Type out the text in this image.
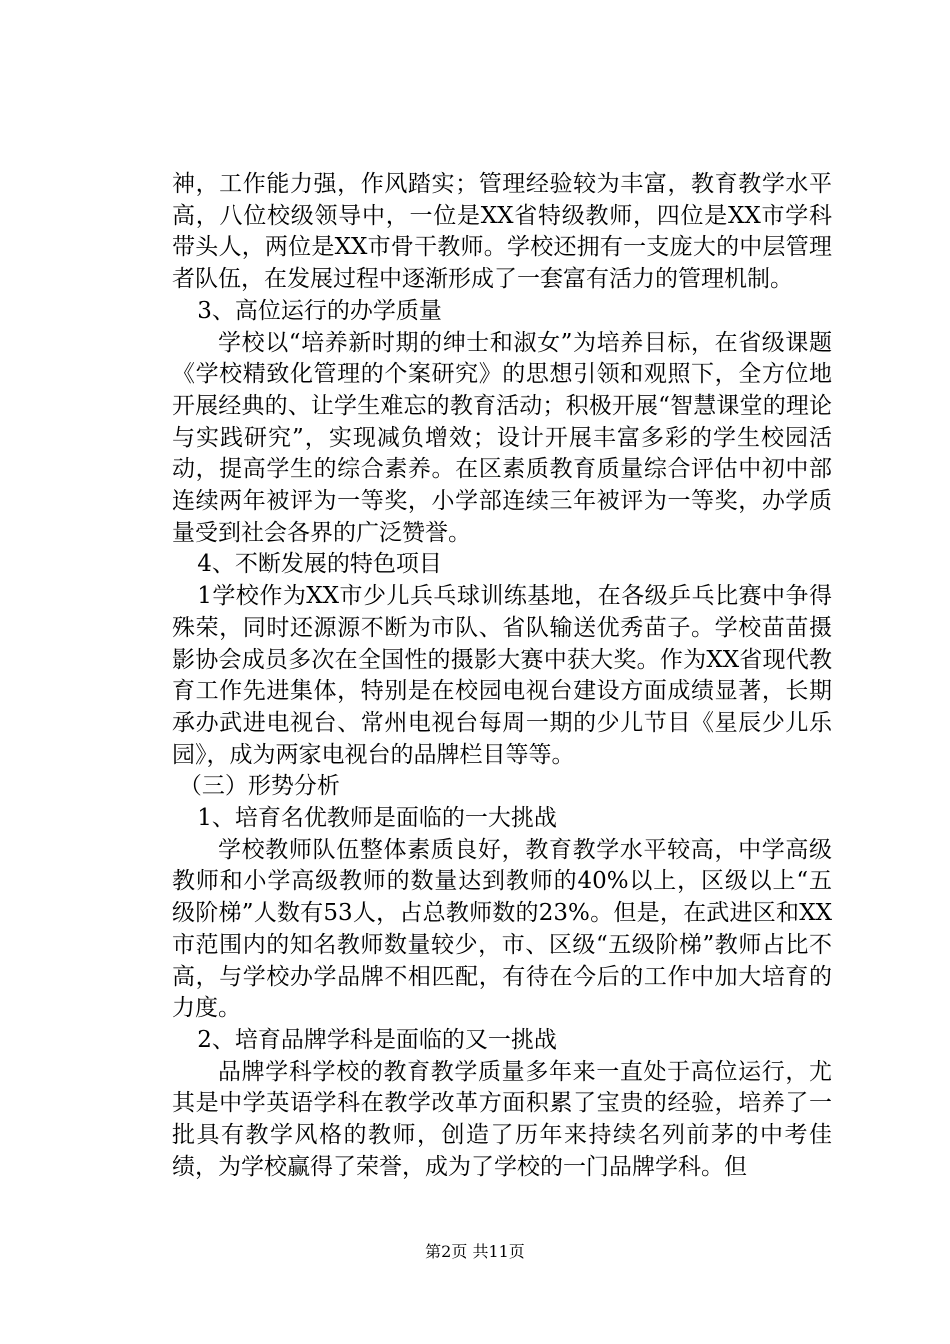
神，工作能力强，作风踏实；管理经验较为丰富，教育教学水平高，八位校级领导中，一位是XX省特级教师，四位是XX市学科带头人，两位是XX市骨干教师。学校还拥有一支庞大的中层管理者队伍，在发展过程中逐渐形成了一套富有活力的管理机制。

3、高位运行的办学质量

学校以“培养新时期的绅士和淑女”为培养目标，在省级课题《学校精致化管理的个案研究》的思想引领和观照下，全方位地开展经典的、让学生难忘的教育活动；积极开展“智慧课堂的理论与实践研究”，实现减负增效；设计开展丰富多彩的学生校园活动，提高学生的综合素养。在区素质教育质量综合评估中初中部连续两年被评为一等奖，小学部连续三年被评为一等奖，办学质量受到社会各界的广泛赞誉。

4、不断发展的特色项目

1学校作为XX市少儿兵乓球训练基地，在各级乒乓比赛中争得殊荣，同时还源源不断为市队、省队输送优秀苗子。学校苗苗摄影协会成员多次在全国性的摄影大赛中获大奖。作为XX省现代教育工作先进集体，特别是在校园电视台建设方面成绩显著，长期承办武进电视台、常州电视台每周一期的少儿节目《星辰少儿乐园》，成为两家电视台的品牌栏目等等。

（三）形势分析

1、培育名优教师是面临的一大挑战

学校教师队伍整体素质良好，教育教学水平较高，中学高级教师和小学高级教师的数量达到教师的40%以上，区级以上“五级阶梯”人数有53人，占总教师数的23%。但是，在武进区和XX市范围内的知名教师数量较少，市、区级“五级阶梯”教师占比不高，与学校办学品牌不相匹配，有待在今后的工作中加大培育的力度。

2、培育品牌学科是面临的又一挑战

品牌学科学校的教育教学质量多年来一直处于高位运行，尤其是中学英语学科在教学改革方面积累了宝贵的经验，培养了一批具有教学风格的教师，创造了历年来持续名列前茅的中考佳绩，为学校赢得了荣誉，成为了学校的一门品牌学科。但

第2页 共11页
